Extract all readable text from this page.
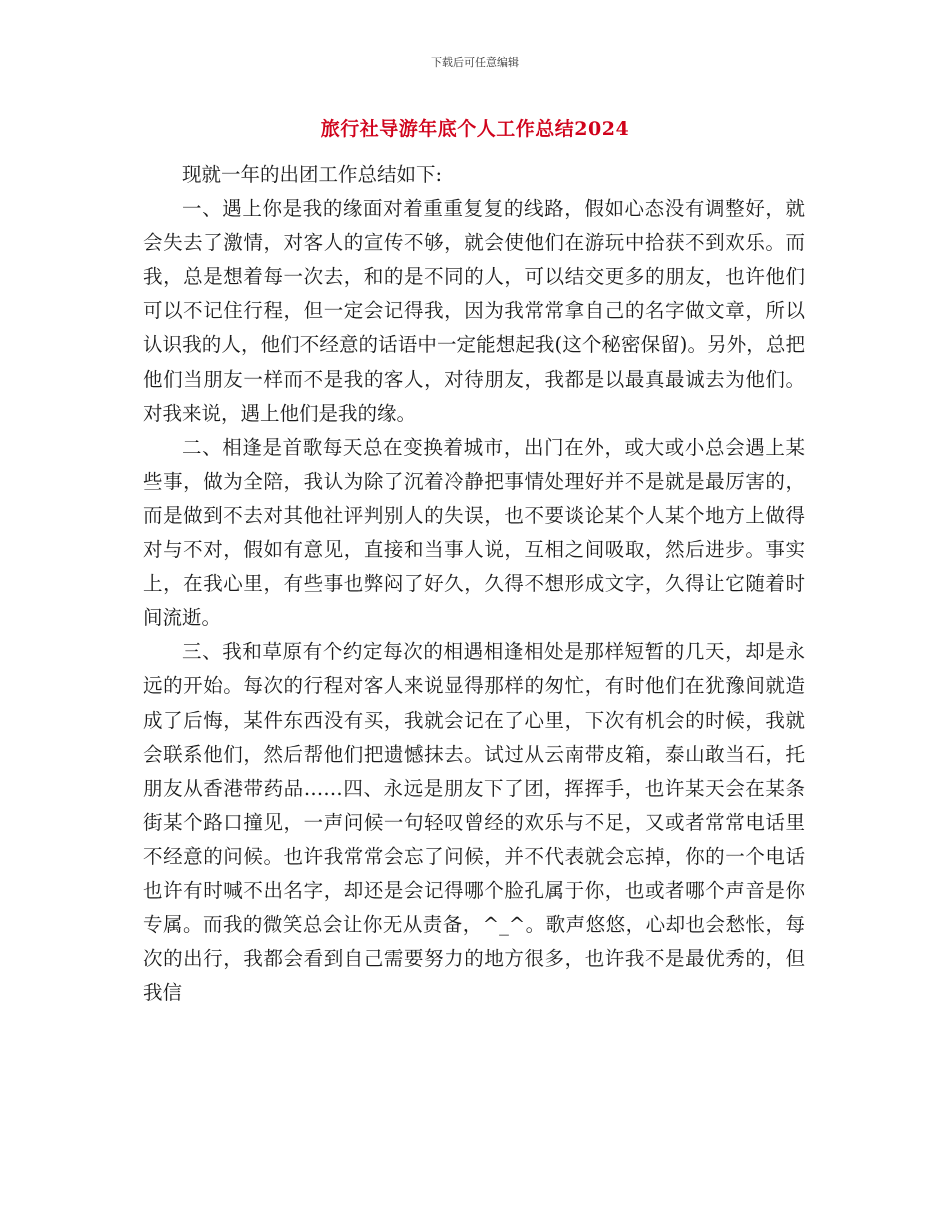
下载后可任意编辑
旅行社导游年底个人工作总结2024

现就一年的出团工作总结如下:

一、遇上你是我的缘面对着重重复复的线路，假如心态没有调整好，就会失去了激情，对客人的宣传不够，就会使他们在游玩中拾获不到欢乐。而我，总是想着每一次去，和的是不同的人，可以结交更多的朋友，也许他们可以不记住行程，但一定会记得我，因为我常常拿自己的名字做文章，所以认识我的人，他们不经意的话语中一定能想起我(这个秘密保留)。另外，总把他们当朋友一样而不是我的客人，对待朋友，我都是以最真最诚去为他们。对我来说，遇上他们是我的缘。

二、相逢是首歌每天总在变换着城市，出门在外，或大或小总会遇上某些事，做为全陪，我认为除了沉着冷静把事情处理好并不是就是最厉害的，而是做到不去对其他社评判别人的失误，也不要谈论某个人某个地方上做得对与不对，假如有意见，直接和当事人说，互相之间吸取，然后进步。事实上，在我心里，有些事也弊闷了好久，久得不想形成文字，久得让它随着时间流逝。

三、我和草原有个约定每次的相遇相逢相处是那样短暂的几天，却是永远的开始。每次的行程对客人来说显得那样的匆忙，有时他们在犹豫间就造成了后悔，某件东西没有买，我就会记在了心里，下次有机会的时候，我就会联系他们，然后帮他们把遗憾抹去。试过从云南带皮箱，泰山敢当石，托朋友从香港带药品……四、永远是朋友下了团，挥挥手，也许某天会在某条街某个路口撞见，一声问候一句轻叹曾经的欢乐与不足，又或者常常电话里不经意的问候。也许我常常会忘了问候，并不代表就会忘掉，你的一个电话也许有时喊不出名字，却还是会记得哪个脸孔属于你，也或者哪个声音是你专属。而我的微笑总会让你无从责备，^_^。歌声悠悠，心却也会愁怅，每次的出行，我都会看到自己需要努力的地方很多，也许我不是最优秀的，但我信
